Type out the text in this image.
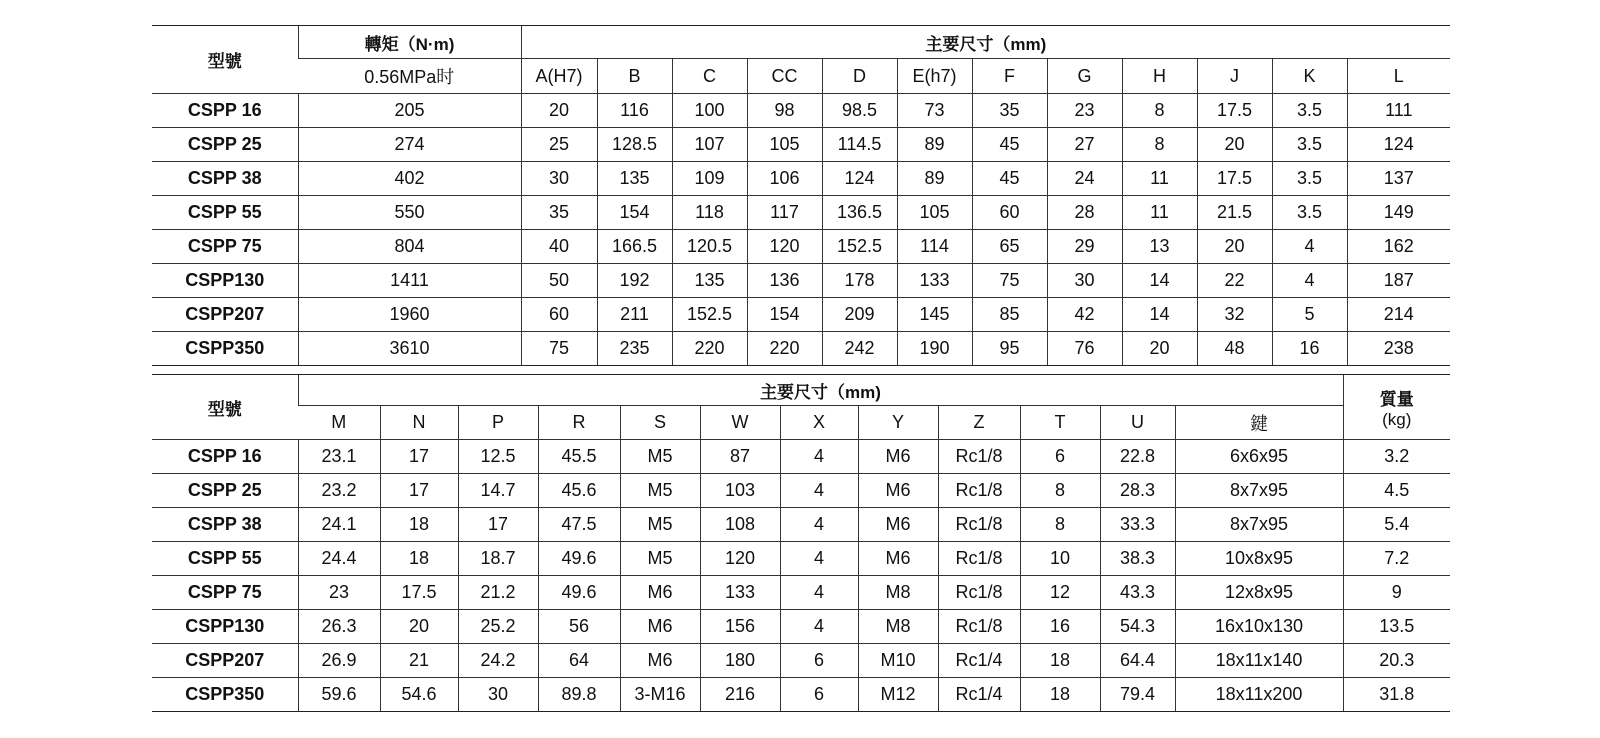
型號	轉矩（N·m)	主要尺寸（mm)											
	0.56MPa时	A(H7)	B	C	CC	D	E(h7)	F	G	H	J	K	L
CSPP 16	205	20	116	100	98	98.5	73	35	23	8	17.5	3.5	111
CSPP 25	274	25	128.5	107	105	114.5	89	45	27	8	20	3.5	124
CSPP 38	402	30	135	109	106	124	89	45	24	11	17.5	3.5	137
CSPP 55	550	35	154	118	117	136.5	105	60	28	11	21.5	3.5	149
CSPP 75	804	40	166.5	120.5	120	152.5	114	65	29	13	20	4	162
CSPP130	1411	50	192	135	136	178	133	75	30	14	22	4	187
CSPP207	1960	60	211	152.5	154	209	145	85	42	14	32	5	214
CSPP350	3610	75	235	220	220	242	190	95	76	20	48	16	238
型號	主要尺寸（mm)												質量
(kg)
	M	N	P	R	S	W	X	Y	Z	T	U	鍵	
CSPP 16	23.1	17	12.5	45.5	M5	87	4	M6	Rc1/8	6	22.8	6x6x95	3.2
CSPP 25	23.2	17	14.7	45.6	M5	103	4	M6	Rc1/8	8	28.3	8x7x95	4.5
CSPP 38	24.1	18	17	47.5	M5	108	4	M6	Rc1/8	8	33.3	8x7x95	5.4
CSPP 55	24.4	18	18.7	49.6	M5	120	4	M6	Rc1/8	10	38.3	10x8x95	7.2
CSPP 75	23	17.5	21.2	49.6	M6	133	4	M8	Rc1/8	12	43.3	12x8x95	9
CSPP130	26.3	20	25.2	56	M6	156	4	M8	Rc1/8	16	54.3	16x10x130	13.5
CSPP207	26.9	21	24.2	64	M6	180	6	M10	Rc1/4	18	64.4	18x11x140	20.3
CSPP350	59.6	54.6	30	89.8	3-M16	216	6	M12	Rc1/4	18	79.4	18x11x200	31.8
